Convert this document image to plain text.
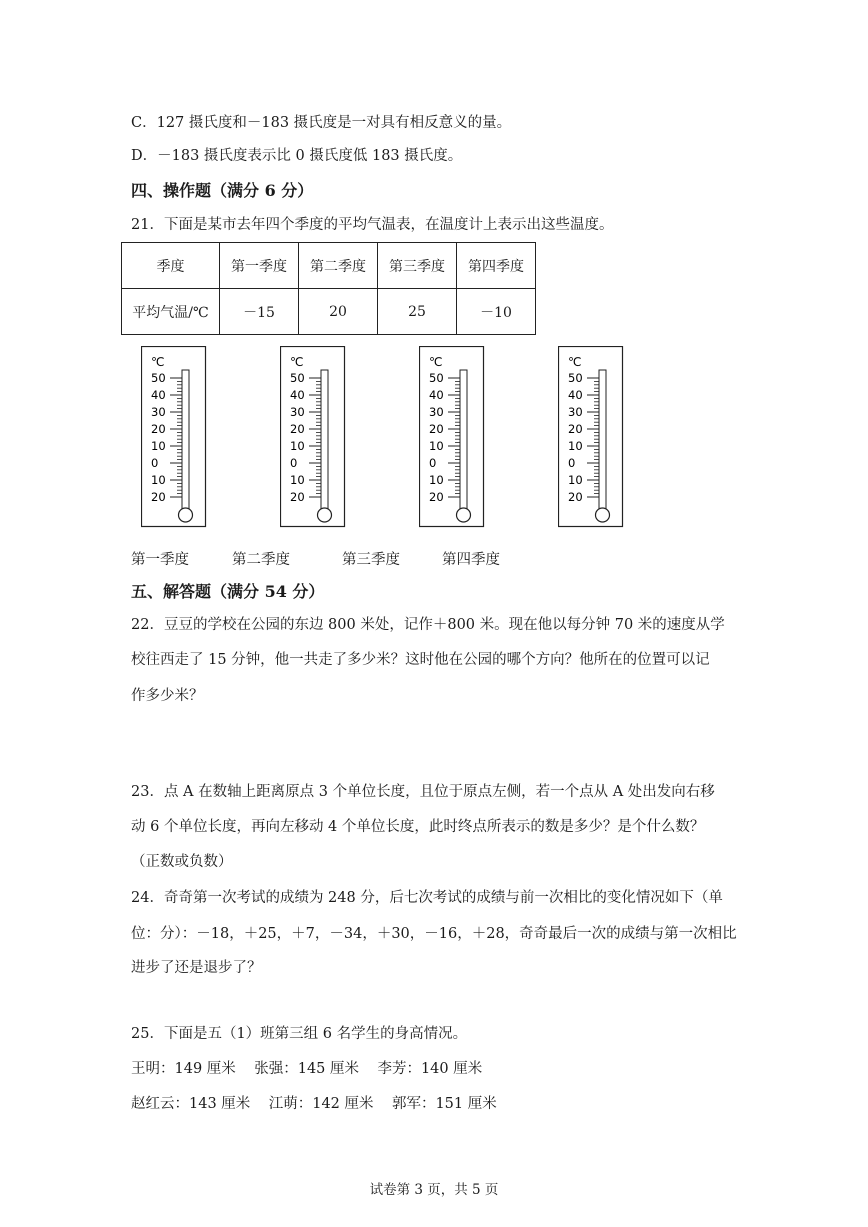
C．127 摄氏度和－183 摄氏度是一对具有相反意义的量。
D．－183 摄氏度表示比 0 摄氏度低 183 摄氏度。
四、操作题（满分 6 分）
21．下面是某市去年四个季度的平均气温表，在温度计上表示出这些温度。
季度	第一季度	第二季度	第三季度	第四季度
平均气温/℃	－15	20	25	－10
℃
50
40
30
20
10
0
10
20
℃
50
40
30
20
10
0
10
20
℃
50
40
30
20
10
0
10
20
℃
50
40
30
20
10
0
10
20
第一季度	第二季度	第三季度	第四季度
五、解答题（满分 54 分）
22．豆豆的学校在公园的东边 800 米处，记作＋800 米。现在他以每分钟 70 米的速度从学
校往西走了 15 分钟，他一共走了多少米？这时他在公园的哪个方向？他所在的位置可以记
作多少米？
23．点 A 在数轴上距离原点 3 个单位长度，且位于原点左侧，若一个点从 A 处出发向右移
动 6 个单位长度，再向左移动 4 个单位长度，此时终点所表示的数是多少？是个什么数？
（正数或负数）
24．奇奇第一次考试的成绩为 248 分，后七次考试的成绩与前一次相比的变化情况如下（单
位：分）：－18，＋25，＋7，－34，＋30，－16，＋28，奇奇最后一次的成绩与第一次相比
进步了还是退步了？
25．下面是五（1）班第三组 6 名学生的身高情况。
王明：149 厘米    张强：145 厘米    李芳：140 厘米
赵红云：143 厘米    江萌：142 厘米    郭军：151 厘米
试卷第 3 页，共 5 页
